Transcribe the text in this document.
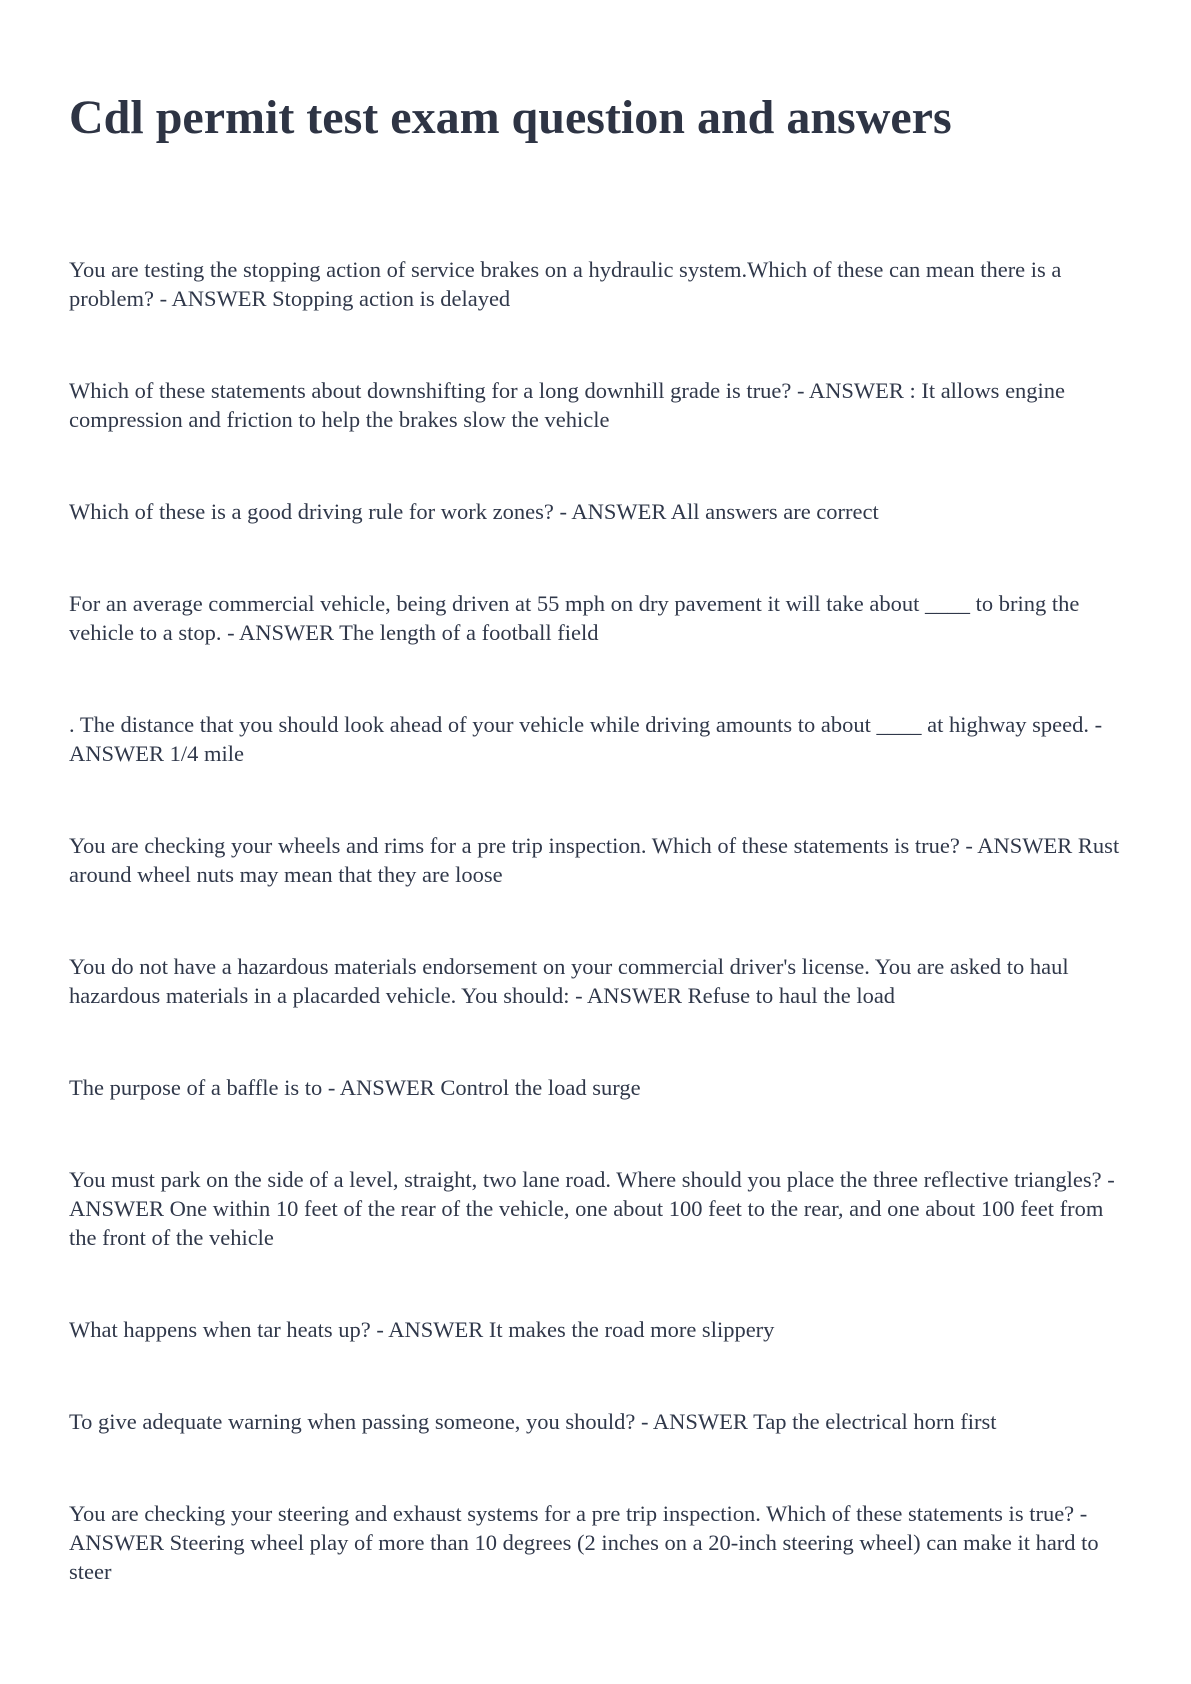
Cdl permit test exam question and answers

You are testing the stopping action of service brakes on a hydraulic system.Which of these can mean there is a problem? - ANSWER Stopping action is delayed

Which of these statements about downshifting for a long downhill grade is true? - ANSWER : It allows engine compression and friction to help the brakes slow the vehicle

Which of these is a good driving rule for work zones? - ANSWER All answers are correct

For an average commercial vehicle, being driven at 55 mph on dry pavement it will take about ____ to bring the vehicle to a stop. - ANSWER The length of a football field

. The distance that you should look ahead of your vehicle while driving amounts to about ____ at highway speed. - ANSWER 1/4 mile

You are checking your wheels and rims for a pre trip inspection. Which of these statements is true? - ANSWER Rust around wheel nuts may mean that they are loose

You do not have a hazardous materials endorsement on your commercial driver's license. You are asked to haul hazardous materials in a placarded vehicle. You should: - ANSWER Refuse to haul the load

The purpose of a baffle is to - ANSWER Control the load surge

You must park on the side of a level, straight, two lane road. Where should you place the three reflective triangles? - ANSWER One within 10 feet of the rear of the vehicle, one about 100 feet to the rear, and one about 100 feet from the front of the vehicle

What happens when tar heats up? - ANSWER It makes the road more slippery

To give adequate warning when passing someone, you should? - ANSWER Tap the electrical horn first

You are checking your steering and exhaust systems for a pre trip inspection. Which of these statements is true? - ANSWER Steering wheel play of more than 10 degrees (2 inches on a 20-inch steering wheel) can make it hard to steer
